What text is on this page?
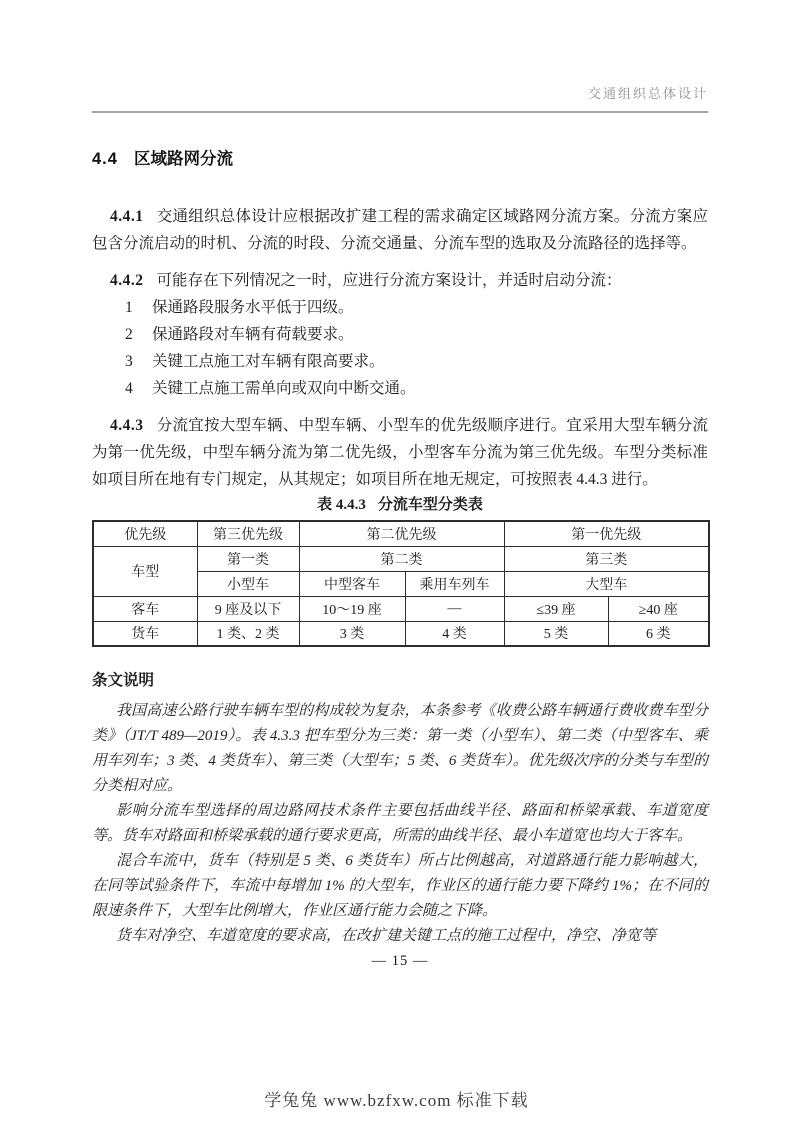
交通组织总体设计
4.4 区域路网分流

4.4.1 交通组织总体设计应根据改扩建工程的需求确定区域路网分流方案。分流方案应包含分流启动的时机、分流的时段、分流交通量、分流车型的选取及分流路径的选择等。

4.4.2 可能存在下列情况之一时，应进行分流方案设计，并适时启动分流：

1 保通路段服务水平低于四级。
2 保通路段对车辆有荷载要求。
3 关键工点施工对车辆有限高要求。
4 关键工点施工需单向或双向中断交通。

4.4.3 分流宜按大型车辆、中型车辆、小型车的优先级顺序进行。宜采用大型车辆分流为第一优先级，中型车辆分流为第二优先级，小型客车分流为第三优先级。车型分类标准如项目所在地有专门规定，从其规定；如项目所在地无规定，可按照表 4.4.3 进行。

表 4.4.3 分流车型分类表
优先级	第三优先级	第二优先级		第一优先级	
车型	第一类	第二类		第三类	
	小型车	中型客车	乘用车列车	大型车	
客车	9 座及以下	10～19 座	—	≤39 座	≥40 座
货车	1 类、2 类	3 类	4 类	5 类	6 类
条文说明

我国高速公路行驶车辆车型的构成较为复杂，本条参考《收费公路车辆通行费收费车型分类》（JT/T 489—2019）。表 4.3.3 把车型分为三类：第一类（小型车）、第二类（中型客车、乘用车列车；3 类、4 类货车）、第三类（大型车；5 类、6 类货车）。优先级次序的分类与车型的分类相对应。

影响分流车型选择的周边路网技术条件主要包括曲线半径、路面和桥梁承载、车道宽度等。货车对路面和桥梁承载的通行要求更高，所需的曲线半径、最小车道宽也均大于客车。

混合车流中，货车（特别是 5 类、6 类货车）所占比例越高，对道路通行能力影响越大，在同等试验条件下，车流中每增加 1% 的大型车，作业区的通行能力要下降约 1%；在不同的限速条件下，大型车比例增大，作业区通行能力会随之下降。

货车对净空、车道宽度的要求高，在改扩建关键工点的施工过程中，净空、净宽等

— 15 —
学兔兔 www.bzfxw.com 标准下载
